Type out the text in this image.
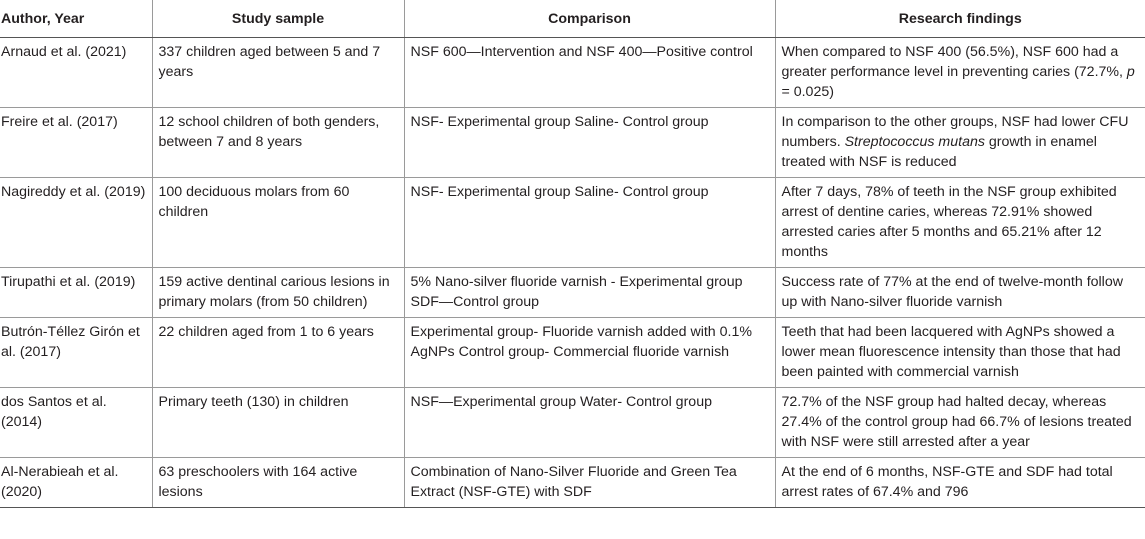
Author, Year	Study sample	Comparison	Research findings
Arnaud et al. (2021)	337 children aged between 5 and 7 years	NSF 600—Intervention and NSF 400—Positive control	When compared to NSF 400 (56.5%), NSF 600 had a greater performance level in preventing caries (72.7%, p = 0.025)
Freire et al. (2017)	12 school children of both genders, between 7 and 8 years	NSF- Experimental group Saline- Control group	In comparison to the other groups, NSF had lower CFU numbers. Streptococcus mutans growth in enamel treated with NSF is reduced
Nagireddy et al. (2019)	100 deciduous molars from 60 children	NSF- Experimental group Saline- Control group	After 7 days, 78% of teeth in the NSF group exhibited arrest of dentine caries, whereas 72.91% showed arrested caries after 5 months and 65.21% after 12 months
Tirupathi et al. (2019)	159 active dentinal carious lesions in primary molars (from 50 children)	5% Nano-silver fluoride varnish - Experimental group SDF—Control group	Success rate of 77% at the end of twelve-month follow up with Nano-silver fluoride varnish
Butrón-Téllez Girón et al. (2017)	22 children aged from 1 to 6 years	Experimental group- Fluoride varnish added with 0.1% AgNPs Control group- Commercial fluoride varnish	Teeth that had been lacquered with AgNPs showed a lower mean fluorescence intensity than those that had been painted with commercial varnish
dos Santos et al. (2014)	Primary teeth (130) in children	NSF—Experimental group Water- Control group	72.7% of the NSF group had halted decay, whereas 27.4% of the control group had 66.7% of lesions treated with NSF were still arrested after a year
Al-Nerabieah et al. (2020)	63 preschoolers with 164 active lesions	Combination of Nano-Silver Fluoride and Green Tea Extract (NSF-GTE) with SDF	At the end of 6 months, NSF-GTE and SDF had total arrest rates of 67.4% and 796
